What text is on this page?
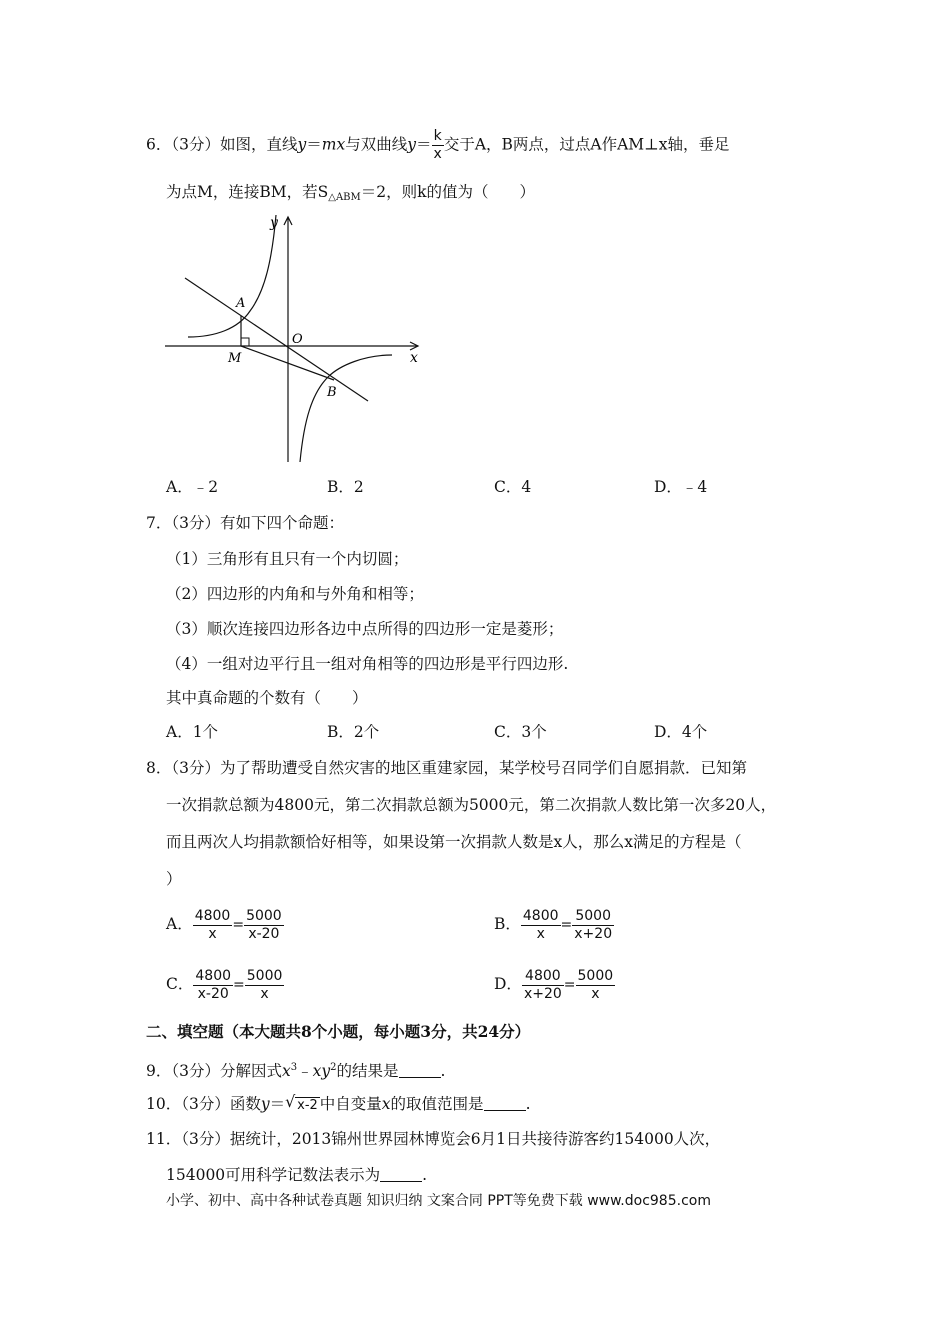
6．（3分）如图，直线y＝mx与双曲线$y= \frac{k}{x}$ 交于A，B两点，过点A作AM⊥x轴，垂足
为点M，连接BM，若$S_{\triangle ABM}=2$，则k的值为（　　）
y
x
O
A
B
M
A．﹣2	B．2	C．4	D．﹣4
7．（3分）有如下四个命题：
（1）三角形有且只有一个内切圆；
（2）四边形的内角和与外角和相等；
（3）顺次连接四边形各边中点所得的四边形一定是菱形；
（4）一组对边平行且一组对角相等的四边形是平行四边形.
其中真命题的个数有（　　）
A．1个	B．2个	C．3个	D．4个
8．（3分）为了帮助遭受自然灾害的地区重建家园，某学校号召同学们自愿捐款．已知第
一次捐款总额为4800元，第二次捐款总额为5000元，第二次捐款人数比第一次多20人，
而且两次人均捐款额恰好相等，如果设第一次捐款人数是x人，那么x满足的方程是（
）
A． $\frac{4800}{x} = \frac{5000}{x-20}$	B． $\frac{4800}{x} = \frac{5000}{x+20}$
C． $\frac{4800}{x-20} = \frac{5000}{x}$	D． $\frac{4800}{x+20} = \frac{5000}{x}$
二、填空题（本大题共8个小题，每小题3分，共24分）
9．（3分）分解因式$x^3﹣xy^2$的结果是	.
10．（3分）函数y＝ √ x-2 中自变量x的取值范围是	.
11．（3分）据统计，2013锦州世界园林博览会6月1日共接待游客约154000人次，
154000可用科学记数法表示为	.
小学、初中、高中各种试卷真题 知识归纳 文案合同 PPT等免费下载 www.doc985.com
